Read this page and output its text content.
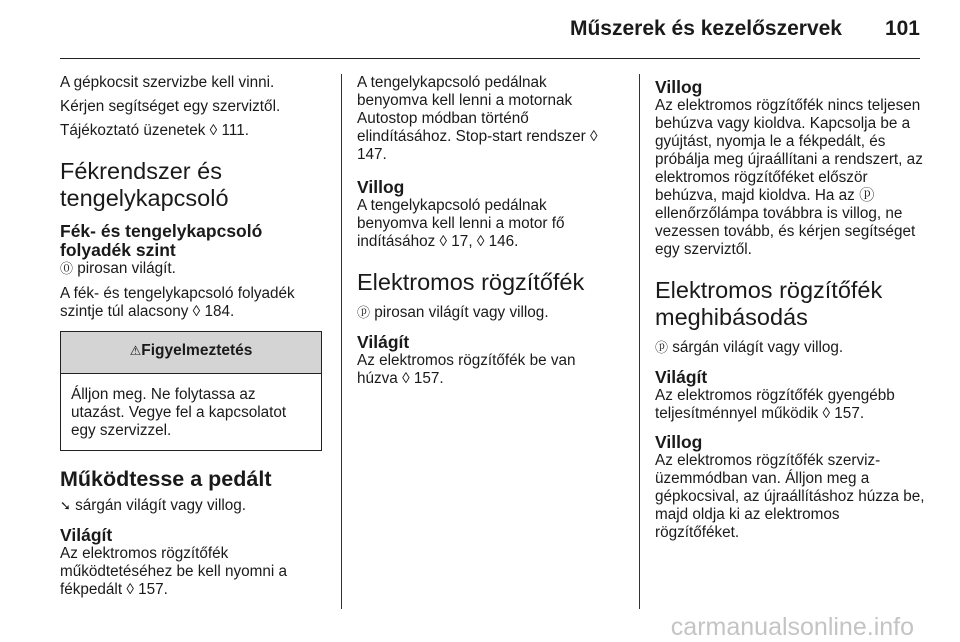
Műszerek és kezelőszervek 101

A gépkocsit szervizbe kell vinni.

Kérjen segítséget egy szerviztől.

Tájékoztató üzenetek ◊ 111.

Fékrendszer és
tengelykapcsoló
Fék- és tengelykapcsoló
folyadék szint

⓪ pirosan világít.

A fék- és tengelykapcsoló folyadék szintje túl alacsony ◊ 184.

⚠Figyelmeztetés
Álljon meg. Ne folytassa az utazást. Vegye fel a kapcsolatot egy szervizzel.
Működtesse a pedált

➘ sárgán világít vagy villog.

Világít

Az elektromos rögzítőfék működtetéséhez be kell nyomni a fékpedált ◊ 157.

A tengelykapcsoló pedálnak benyomva kell lenni a motornak Autostop módban történő elindításához. Stop-start rendszer ◊ 147.

Villog

A tengelykapcsoló pedálnak benyomva kell lenni a motor fő indításához ◊ 17, ◊ 146.

Elektromos rögzítőfék

ⓟ pirosan világít vagy villog.

Világít

Az elektromos rögzítőfék be van húzva ◊ 157.

Villog

Az elektromos rögzítőfék nincs teljesen behúzva vagy kioldva. Kapcsolja be a gyújtást, nyomja le a fékpedált, és próbálja meg újraállítani a rendszert, az elektromos rögzítőféket először behúzva, majd kioldva. Ha az ⓟ ellenőrzőlámpa továbbra is villog, ne vezessen tovább, és kérjen segítséget egy szerviztől.

Elektromos rögzítőfék
meghibásodás

ⓟ sárgán világít vagy villog.

Világít

Az elektromos rögzítőfék gyengébb teljesítménnyel működik ◊ 157.

Villog

Az elektromos rögzítőfék szerviz- üzemmódban van. Álljon meg a gépkocsival, az újraállításhoz húzza be, majd oldja ki az elektromos rögzítőféket.

carmanualsonline.info
